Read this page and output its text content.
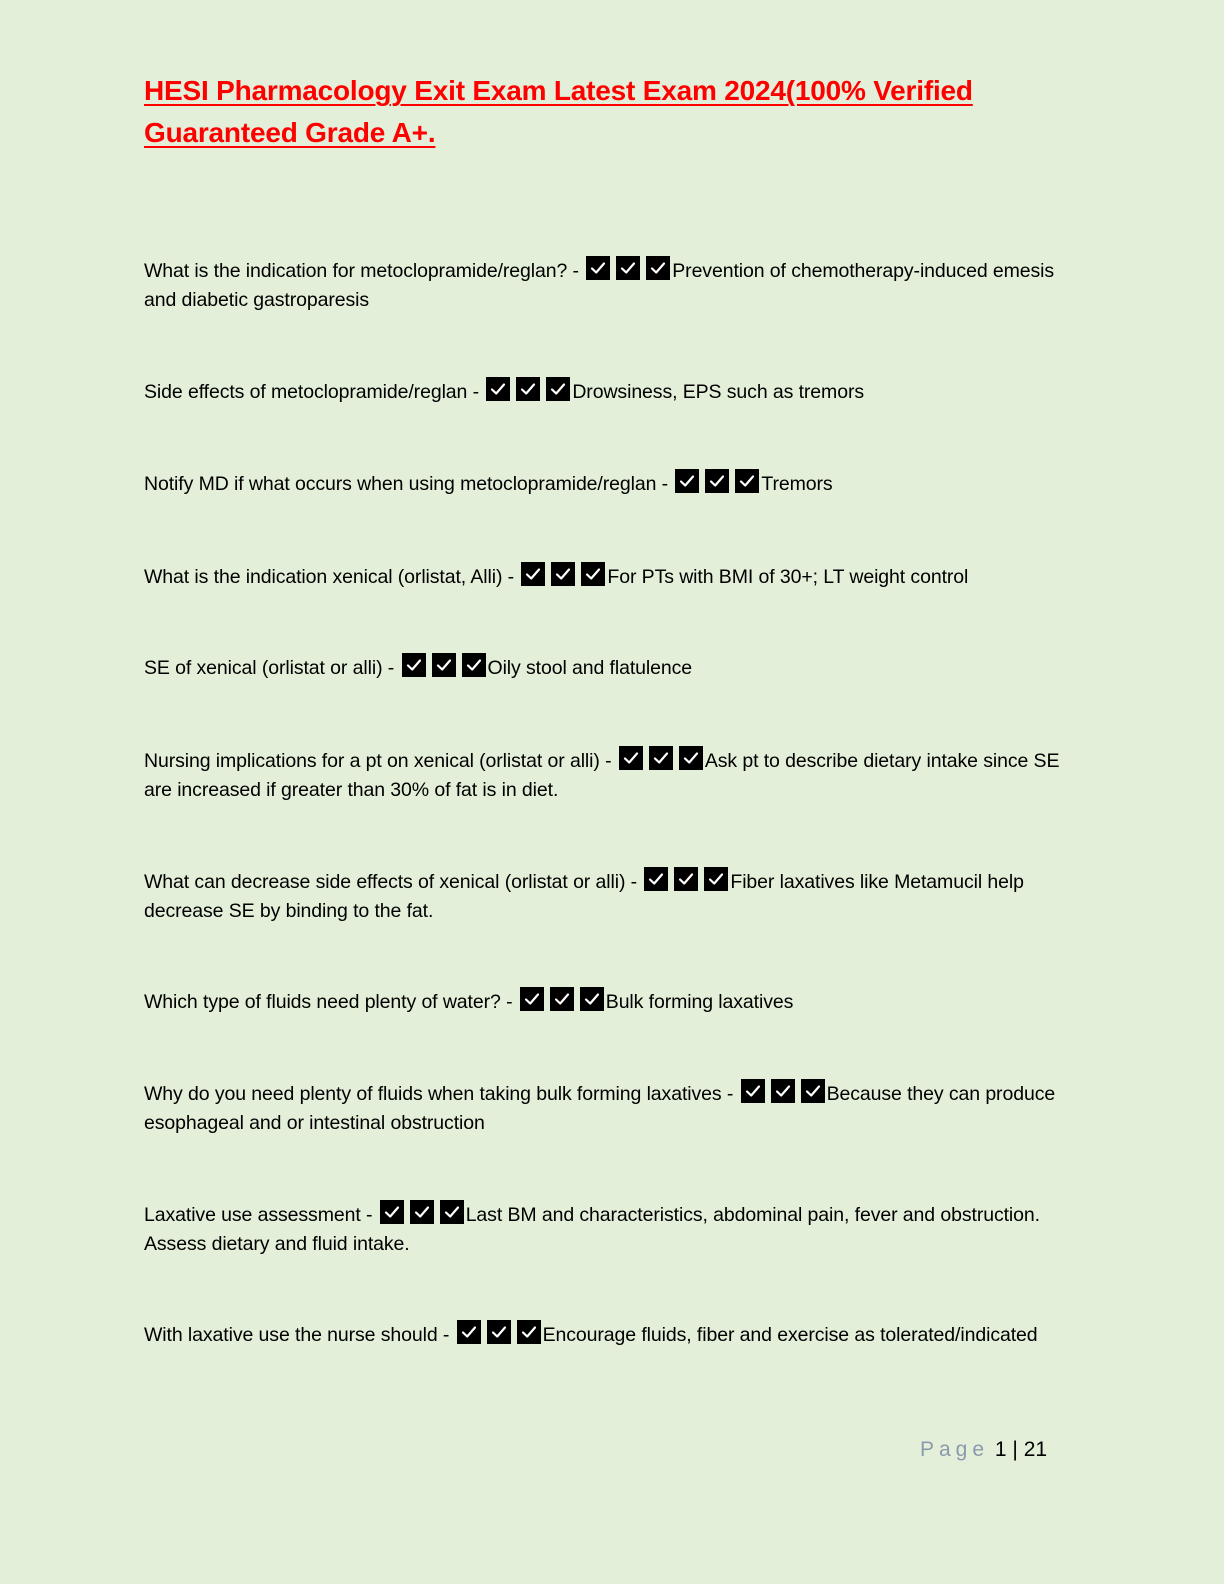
HESI Pharmacology Exit Exam Latest Exam 2024(100% Verified
Guaranteed Grade A+.

What is the indication for metoclopramide/reglan? -	Prevention of chemotherapy-induced emesis and diabetic gastroparesis

Side effects of metoclopramide/reglan -	Drowsiness, EPS such as tremors

Notify MD if what occurs when using metoclopramide/reglan -	Tremors

What is the indication xenical (orlistat, Alli) -	For PTs with BMI of 30+; LT weight control

SE of xenical (orlistat or alli) -	Oily stool and flatulence

Nursing implications for a pt on xenical (orlistat or alli) -	Ask pt to describe dietary intake since SE are increased if greater than 30% of fat is in diet.

What can decrease side effects of xenical (orlistat or alli) -	Fiber laxatives like Metamucil help decrease SE by binding to the fat.

Which type of fluids need plenty of water? -	Bulk forming laxatives

Why do you need plenty of fluids when taking bulk forming laxatives -	Because they can produce esophageal and or intestinal obstruction

Laxative use assessment -	Last BM and characteristics, abdominal pain, fever and obstruction. Assess dietary and fluid intake.

With laxative use the nurse should -	Encourage fluids, fiber and exercise as tolerated/indicated

Page 1 | 21
